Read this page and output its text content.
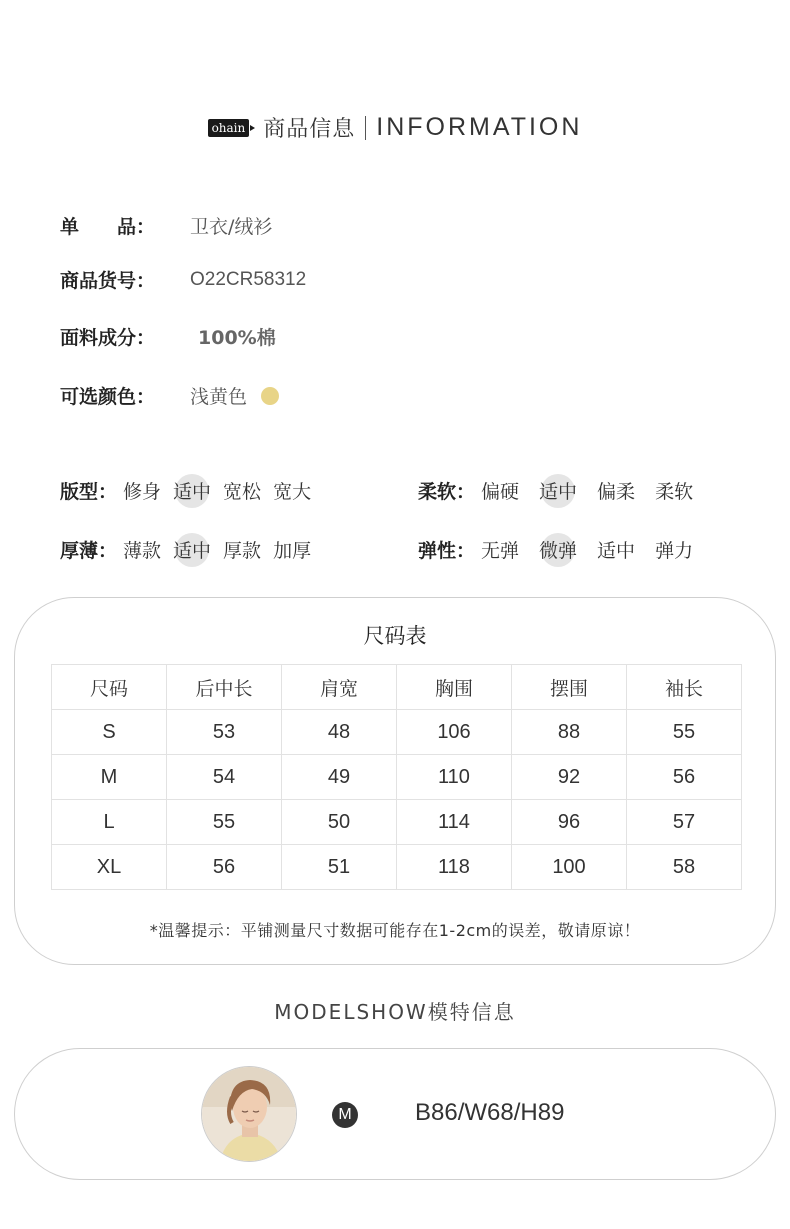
ohain 商品信息 INFORMATION
单　　品：	卫衣/绒衫
商品货号：	O22CR58312
面料成分：	100%棉
可选颜色：	浅黄色
版型： 修身 适中 宽松 宽大	柔软： 偏硬 适中 偏柔 柔软
厚薄： 薄款 适中 厚款 加厚	弹性： 无弹 微弹 适中 弹力
尺码表
尺码	后中长	肩宽	胸围	摆围	袖长
S	53	48	106	88	55
M	54	49	110	92	56
L	55	50	114	96	57
XL	56	51	118	100	58
*温馨提示：平铺测量尺寸数据可能存在1-2cm的误差，敬请原谅！
MODELSHOW模特信息
M	B86/W68/H89
